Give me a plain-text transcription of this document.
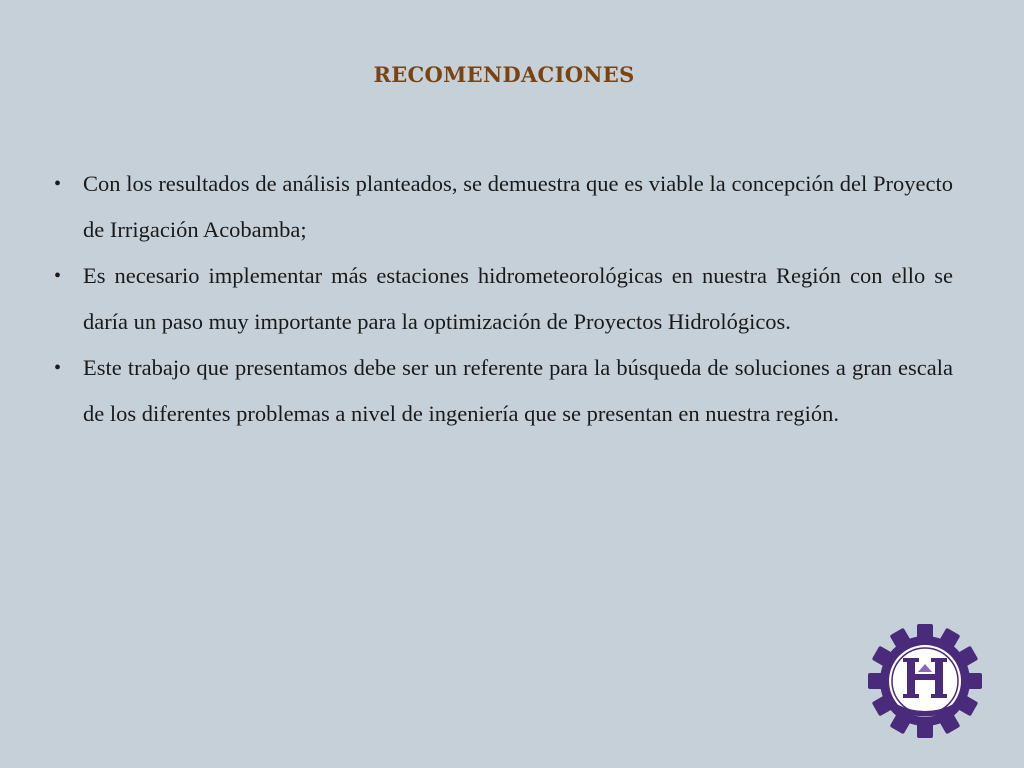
RECOMENDACIONES
• Con los resultados de análisis planteados, se demuestra que es viable la concepción del Proyecto de Irrigación Acobamba;
• Es necesario implementar más estaciones hidrometeorológicas en nuestra Región con ello se daría un paso muy importante para la optimización de Proyectos Hidrológicos.
• Este trabajo que presentamos debe ser un referente para la búsqueda de soluciones a gran escala de los diferentes problemas a nivel de ingeniería que se presentan en nuestra región.
